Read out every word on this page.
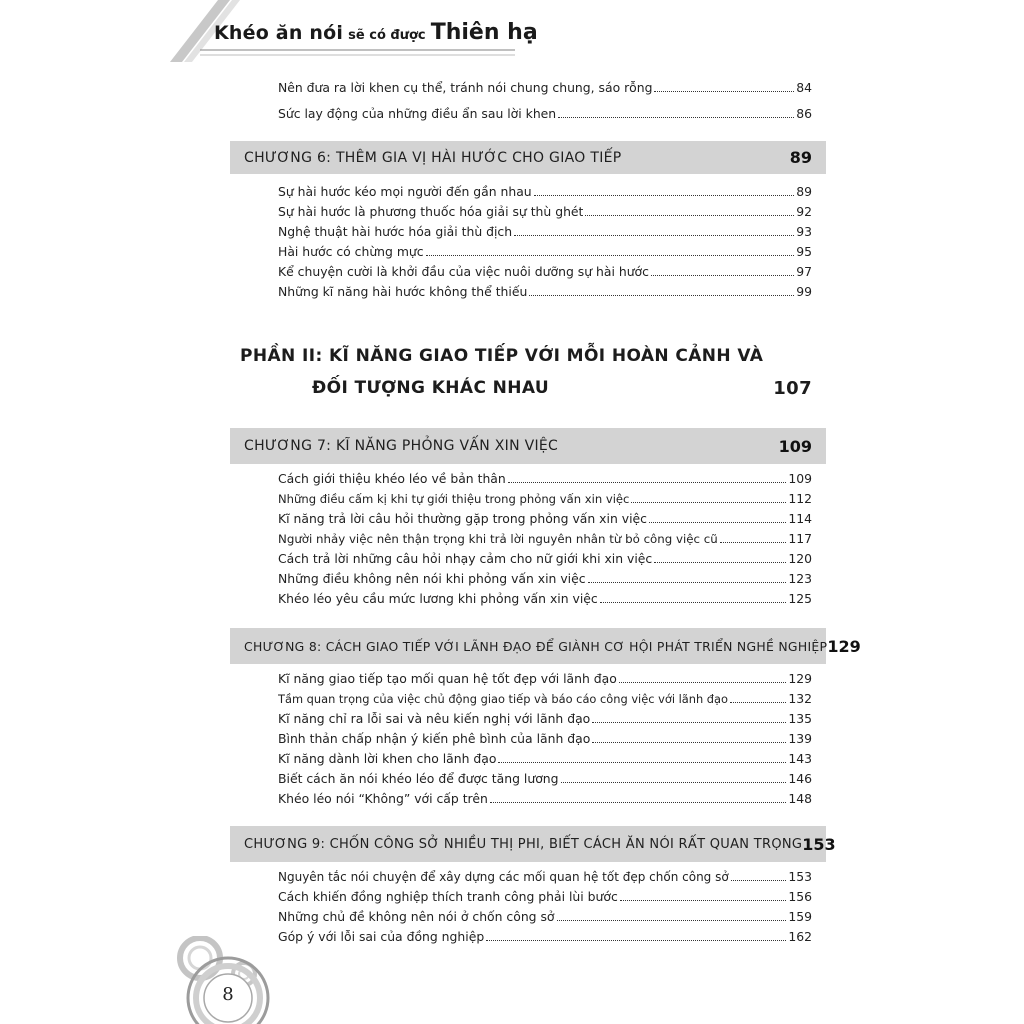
Khéo ăn nói sẽ có được Thiên hạ
Nên đưa ra lời khen cụ thể, tránh nói chung chung, sáo rỗng	84
Sức lay động của những điều ẩn sau lời khen	86
CHƯƠNG 6: THÊM GIA VỊ HÀI HƯỚC CHO GIAO TIẾP	89
Sự hài hước kéo mọi người đến gần nhau	89
Sự hài hước là phương thuốc hóa giải sự thù ghét	92
Nghệ thuật hài hước hóa giải thù địch	93
Hài hước có chừng mực	95
Kể chuyện cười là khởi đầu của việc nuôi dưỡng sự hài hước	97
Những kĩ năng hài hước không thể thiếu	99
PHẦN II: KĨ NĂNG GIAO TIẾP VỚI MỖI HOÀN CẢNH VÀ
ĐỐI TƯỢNG KHÁC NHAU	107
CHƯƠNG 7: KĨ NĂNG PHỎNG VẤN XIN VIỆC	109
Cách giới thiệu khéo léo về bản thân	109
Những điều cấm kị khi tự giới thiệu trong phỏng vấn xin việc	112
Kĩ năng trả lời câu hỏi thường gặp trong phỏng vấn xin việc	114
Người nhảy việc nên thận trọng khi trả lời nguyên nhân từ bỏ công việc cũ	117
Cách trả lời những câu hỏi nhạy cảm cho nữ giới khi xin việc	120
Những điều không nên nói khi phỏng vấn xin việc	123
Khéo léo yêu cầu mức lương khi phỏng vấn xin việc	125
CHƯƠNG 8: CÁCH GIAO TIẾP VỚI LÃNH ĐẠO ĐỂ GIÀNH CƠ HỘI PHÁT TRIỂN NGHỀ NGHIỆP 129
Kĩ năng giao tiếp tạo mối quan hệ tốt đẹp với lãnh đạo	129
Tầm quan trọng của việc chủ động giao tiếp và báo cáo công việc với lãnh đạo	132
Kĩ năng chỉ ra lỗi sai và nêu kiến nghị với lãnh đạo	135
Bình thản chấp nhận ý kiến phê bình của lãnh đạo	139
Kĩ năng dành lời khen cho lãnh đạo	143
Biết cách ăn nói khéo léo để được tăng lương	146
Khéo léo nói “Không” với cấp trên	148
CHƯƠNG 9: CHỐN CÔNG SỞ NHIỀU THỊ PHI, BIẾT CÁCH ĂN NÓI RẤT QUAN TRỌNG 153
Nguyên tắc nói chuyện để xây dựng các mối quan hệ tốt đẹp chốn công sở	153
Cách khiến đồng nghiệp thích tranh công phải lùi bước	156
Những chủ đề không nên nói ở chốn công sở	159
Góp ý với lỗi sai của đồng nghiệp	162
8
